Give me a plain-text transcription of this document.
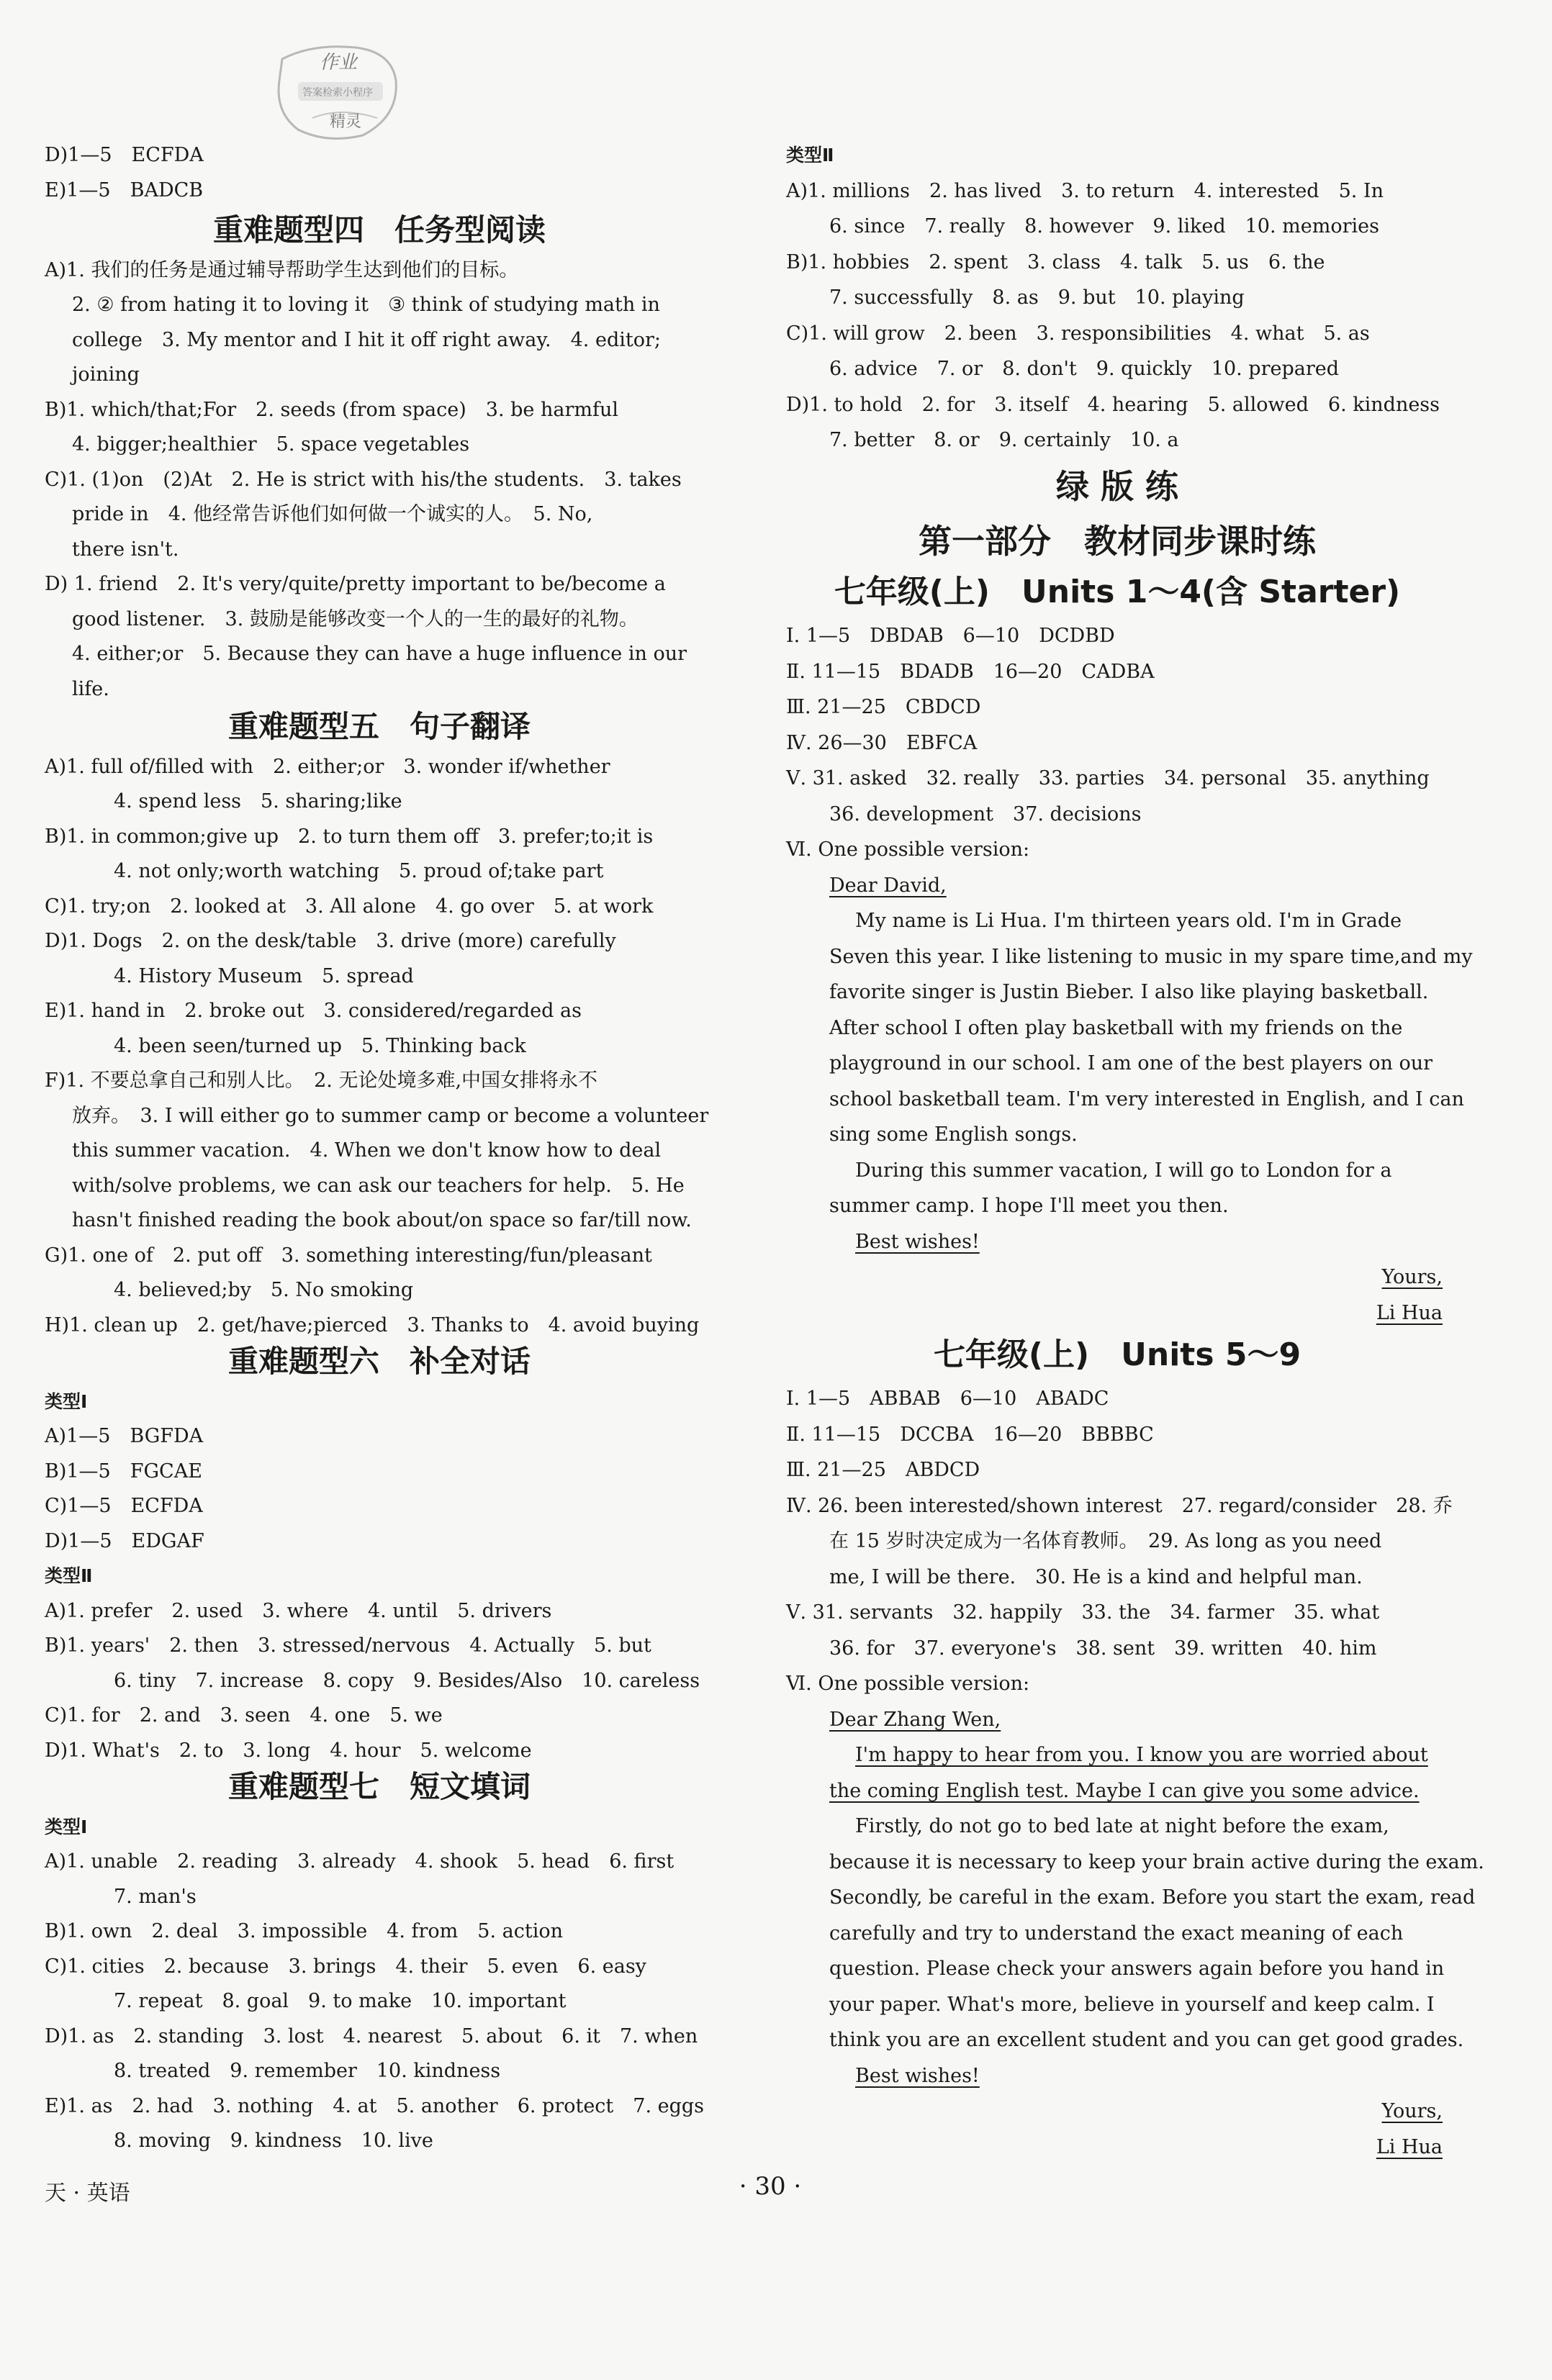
作业
答案检索小程序
精灵
D)1—5　ECFDA
E)1—5　BADCB
重难题型四　任务型阅读
A)1. 我们的任务是通过辅导帮助学生达到他们的目标。
2. ② from hating it to loving it　③ think of studying math in
college　3. My mentor and I hit it off right away.　4. editor;
joining
B)1. which/that;For　2. seeds (from space)　3. be harmful
4. bigger;healthier　5. space vegetables
C)1. (1)on　(2)At　2. He is strict with his/the students.　3. takes
pride in　4. 他经常告诉他们如何做一个诚实的人。　5. No,
there isn't.
D) 1. friend　2. It's very/quite/pretty important to be/become a
good listener.　3. 鼓励是能够改变一个人的一生的最好的礼物。
4. either;or　5. Because they can have a huge influence in our
life.
重难题型五　句子翻译
A)1. full of/filled with　2. either;or　3. wonder if/whether
4. spend less　5. sharing;like
B)1. in common;give up　2. to turn them off　3. prefer;to;it is
4. not only;worth watching　5. proud of;take part
C)1. try;on　2. looked at　3. All alone　4. go over　5. at work
D)1. Dogs　2. on the desk/table　3. drive (more) carefully
4. History Museum　5. spread
E)1. hand in　2. broke out　3. considered/regarded as
4. been seen/turned up　5. Thinking back
F)1. 不要总拿自己和别人比。　2. 无论处境多难,中国女排将永不
放弃。　3. I will either go to summer camp or become a volunteer
this summer vacation.　4. When we don't know how to deal
with/solve problems, we can ask our teachers for help.　5. He
hasn't finished reading the book about/on space so far/till now.
G)1. one of　2. put off　3. something interesting/fun/pleasant
4. believed;by　5. No smoking
H)1. clean up　2. get/have;pierced　3. Thanks to　4. avoid buying
重难题型六　补全对话
类型Ⅰ
A)1—5　BGFDA
B)1—5　FGCAE
C)1—5　ECFDA
D)1—5　EDGAF
类型Ⅱ
A)1. prefer　2. used　3. where　4. until　5. drivers
B)1. years'　2. then　3. stressed/nervous　4. Actually　5. but
6. tiny　7. increase　8. copy　9. Besides/Also　10. careless
C)1. for　2. and　3. seen　4. one　5. we
D)1. What's　2. to　3. long　4. hour　5. welcome
重难题型七　短文填词
类型Ⅰ
A)1. unable　2. reading　3. already　4. shook　5. head　6. first
7. man's
B)1. own　2. deal　3. impossible　4. from　5. action
C)1. cities　2. because　3. brings　4. their　5. even　6. easy
7. repeat　8. goal　9. to make　10. important
D)1. as　2. standing　3. lost　4. nearest　5. about　6. it　7. when
8. treated　9. remember　10. kindness
E)1. as　2. had　3. nothing　4. at　5. another　6. protect　7. eggs
8. moving　9. kindness　10. live
天 · 英语
类型Ⅱ
A)1. millions　2. has lived　3. to return　4. interested　5. In
6. since　7. really　8. however　9. liked　10. memories
B)1. hobbies　2. spent　3. class　4. talk　5. us　6. the
7. successfully　8. as　9. but　10. playing
C)1. will grow　2. been　3. responsibilities　4. what　5. as
6. advice　7. or　8. don't　9. quickly　10. prepared
D)1. to hold　2. for　3. itself　4. hearing　5. allowed　6. kindness
7. better　8. or　9. certainly　10. a
绿 版 练
第一部分　教材同步课时练
七年级(上)　Units 1～4(含 Starter)
Ⅰ. 1—5　DBDAB　6—10　DCDBD
Ⅱ. 11—15　BDADB　16—20　CADBA
Ⅲ. 21—25　CBDCD
Ⅳ. 26—30　EBFCA
Ⅴ. 31. asked　32. really　33. parties　34. personal　35. anything
36. development　37. decisions
Ⅵ. One possible version:
Dear David,
My name is Li Hua. I'm thirteen years old. I'm in Grade
Seven this year. I like listening to music in my spare time,and my
favorite singer is Justin Bieber. I also like playing basketball.
After school I often play basketball with my friends on the
playground in our school. I am one of the best players on our
school basketball team. I'm very interested in English, and I can
sing some English songs.
During this summer vacation, I will go to London for a
summer camp. I hope I'll meet you then.
Best wishes!
Yours,
Li Hua
七年级(上)　Units 5～9
Ⅰ. 1—5　ABBAB　6—10　ABADC
Ⅱ. 11—15　DCCBA　16—20　BBBBC
Ⅲ. 21—25　ABDCD
Ⅳ. 26. been interested/shown interest　27. regard/consider　28. 乔
在 15 岁时决定成为一名体育教师。　29. As long as you need
me, I will be there.　30. He is a kind and helpful man.
Ⅴ. 31. servants　32. happily　33. the　34. farmer　35. what
36. for　37. everyone's　38. sent　39. written　40. him
Ⅵ. One possible version:
Dear Zhang Wen,
I'm happy to hear from you. I know you are worried about
the coming English test. Maybe I can give you some advice.
Firstly, do not go to bed late at night before the exam,
because it is necessary to keep your brain active during the exam.
Secondly, be careful in the exam. Before you start the exam, read
carefully and try to understand the exact meaning of each
question. Please check your answers again before you hand in
your paper. What's more, believe in yourself and keep calm. I
think you are an excellent student and you can get good grades.
Best wishes!
Yours,
Li Hua
· 30 ·
